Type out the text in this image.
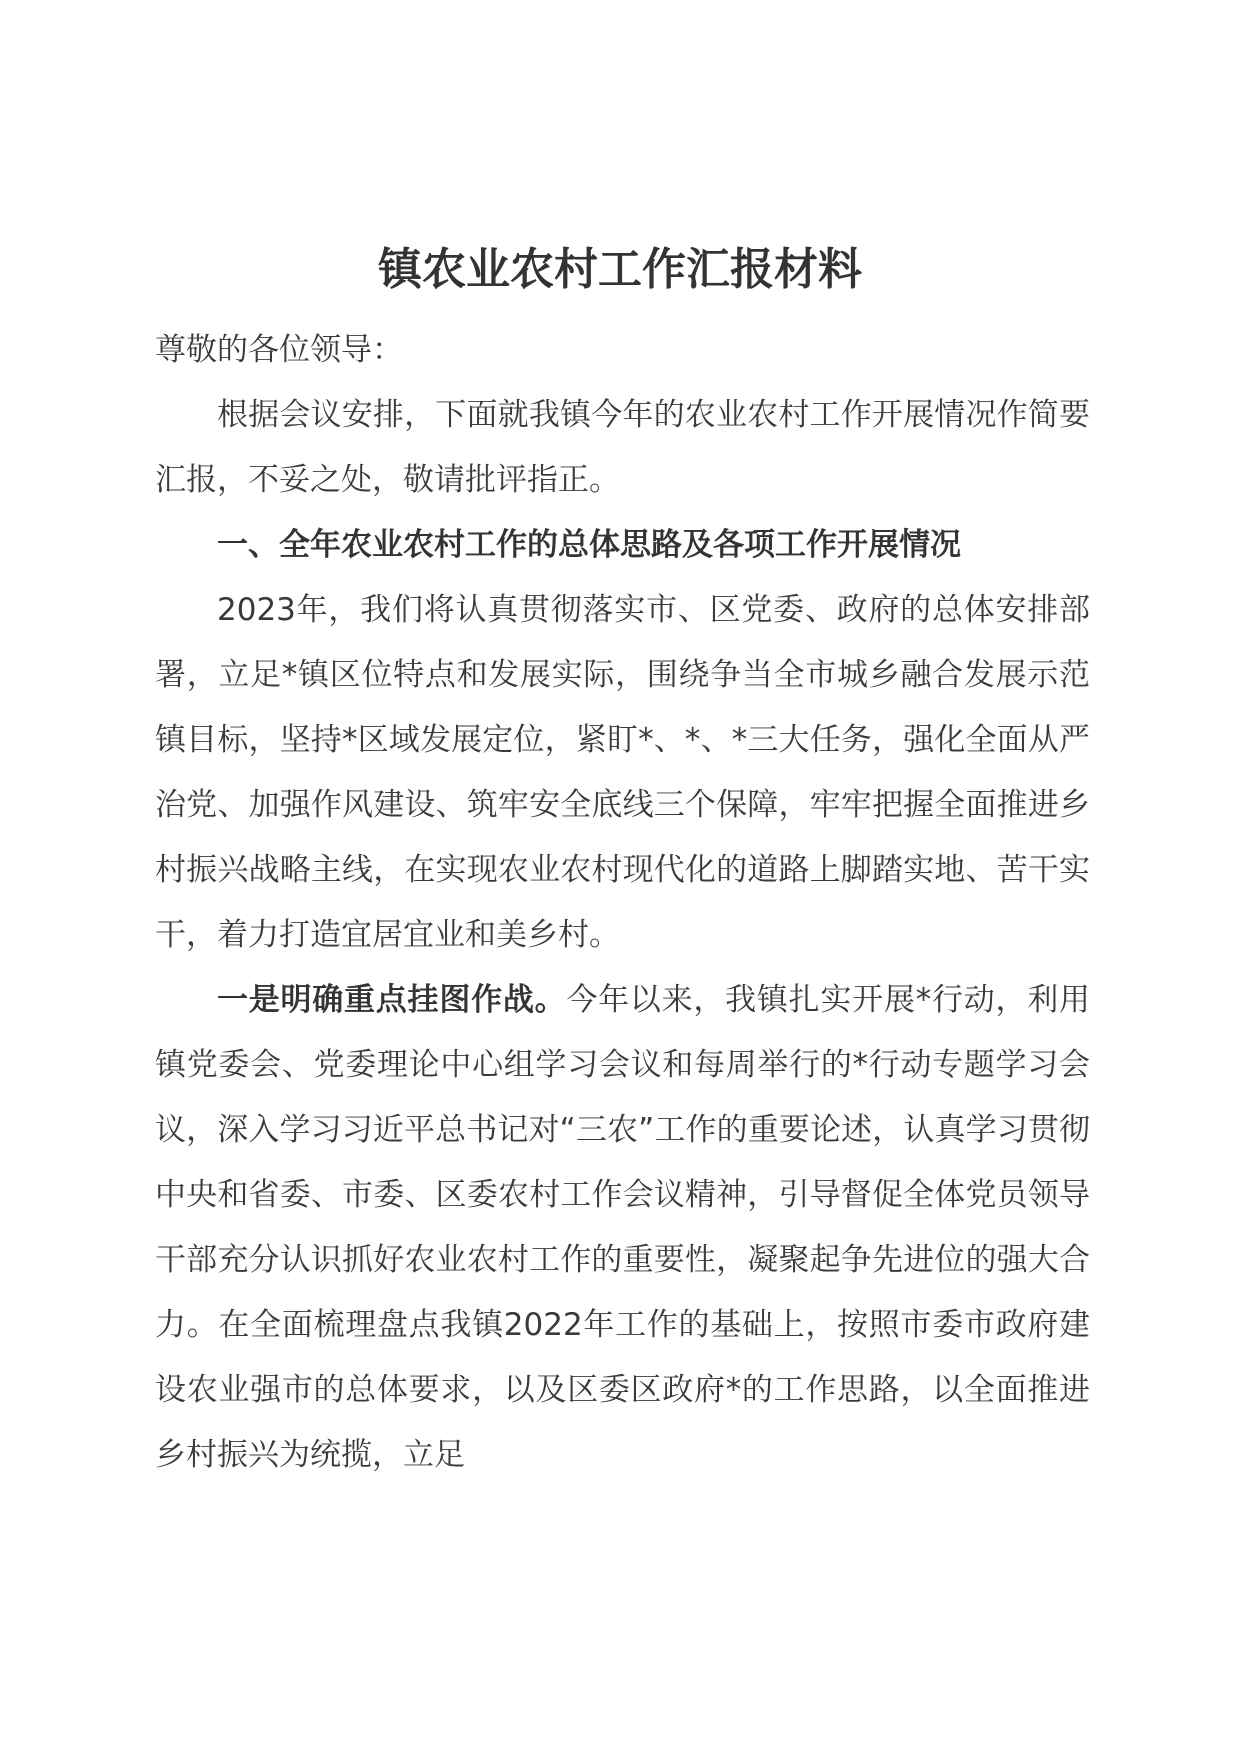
镇农业农村工作汇报材料

尊敬的各位领导：

根据会议安排，下面就我镇今年的农业农村工作开展情况作简要汇报，不妥之处，敬请批评指正。

一、全年农业农村工作的总体思路及各项工作开展情况

2023年，我们将认真贯彻落实市、区党委、政府的总体安排部署，立足*镇区位特点和发展实际，围绕争当全市城乡融合发展示范镇目标，坚持*区域发展定位，紧盯*、*、*三大任务，强化全面从严治党、加强作风建设、筑牢安全底线三个保障，牢牢把握全面推进乡村振兴战略主线，在实现农业农村现代化的道路上脚踏实地、苦干实干，着力打造宜居宜业和美乡村。

一是明确重点挂图作战。今年以来，我镇扎实开展*行动，利用镇党委会、党委理论中心组学习会议和每周举行的*行动专题学习会议，深入学习习近平总书记对“三农”工作的重要论述，认真学习贯彻中央和省委、市委、区委农村工作会议精神，引导督促全体党员领导干部充分认识抓好农业农村工作的重要性，凝聚起争先进位的强大合力。在全面梳理盘点我镇2022年工作的基础上，按照市委市政府建设农业强市的总体要求，以及区委区政府*的工作思路，以全面推进乡村振兴为统揽，立足
